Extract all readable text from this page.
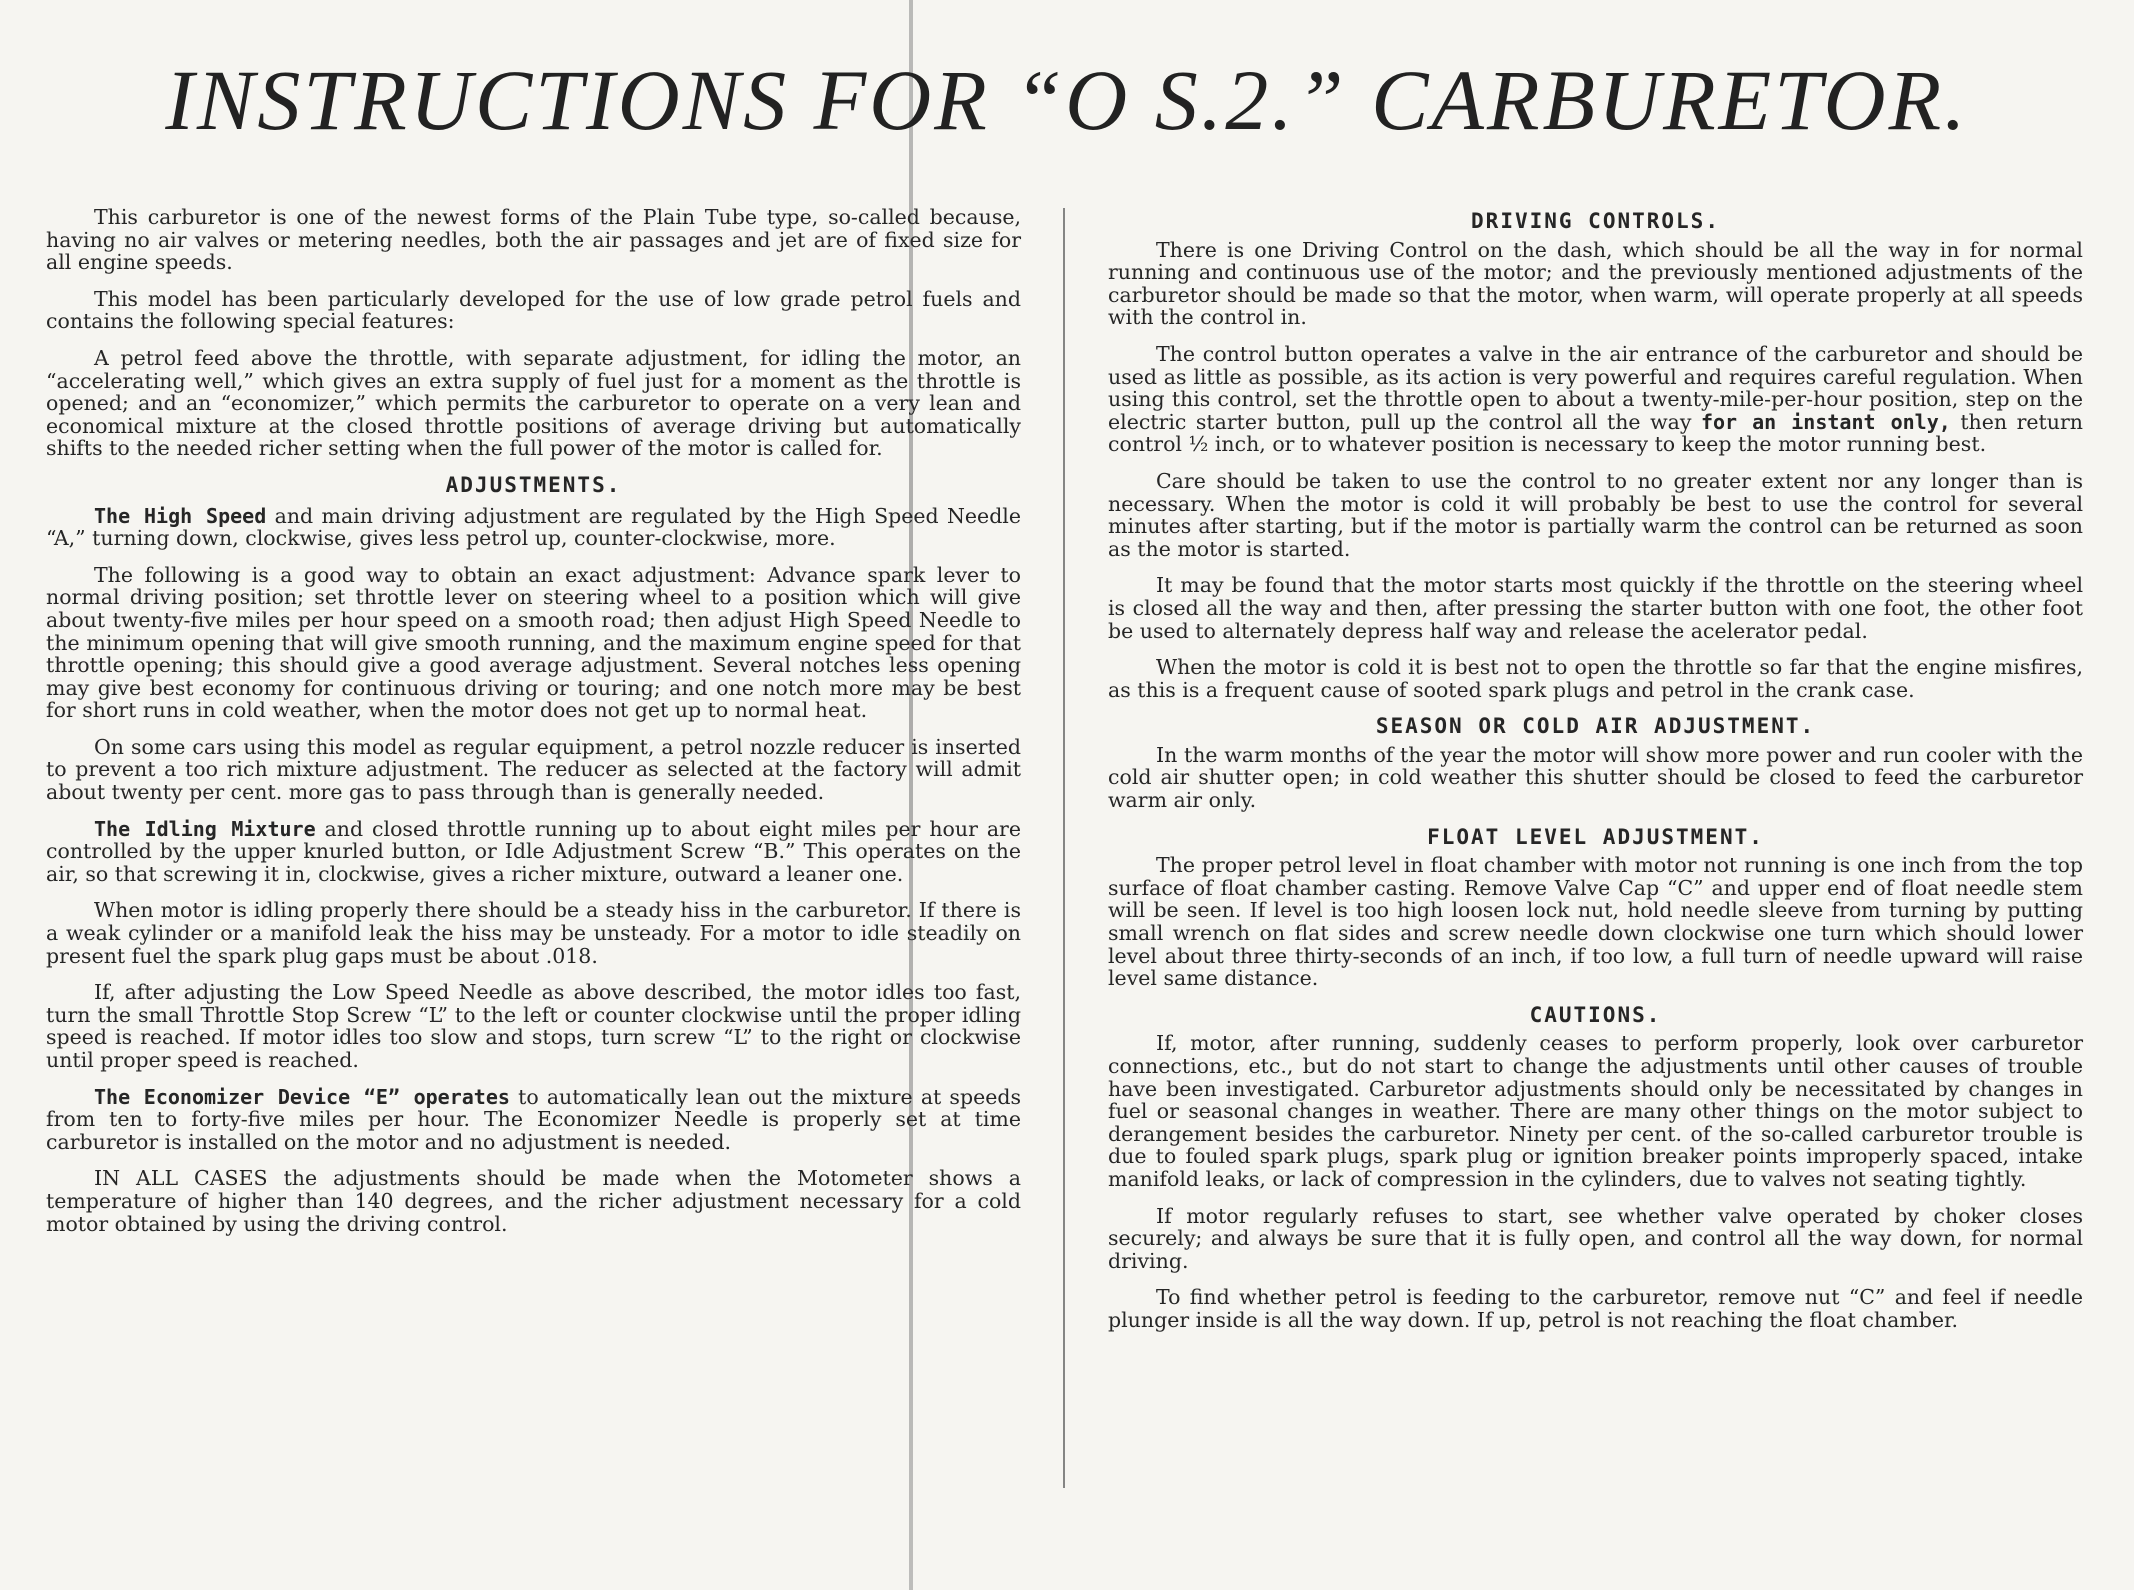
INSTRUCTIONS FOR “O S.2.” CARBURETOR.

This carburetor is one of the newest forms of the Plain Tube type, so-called because, having no air valves or metering needles, both the air passages and jet are of fixed size for all engine speeds.

This model has been particularly developed for the use of low grade petrol fuels and contains the following special features:

A petrol feed above the throttle, with separate adjustment, for idling the motor, an “accelerating well,” which gives an extra supply of fuel just for a moment as the throttle is opened; and an “economizer,” which permits the carburetor to operate on a very lean and economical mixture at the closed throttle positions of average driving but automatically shifts to the needed richer setting when the full power of the motor is called for.

ADJUSTMENTS.

The High Speed and main driving adjustment are regulated by the High Speed Needle “A,” turning down, clockwise, gives less petrol up, counter-clockwise, more.

The following is a good way to obtain an exact adjustment: Advance spark lever to normal driving position; set throttle lever on steering wheel to a position which will give about twenty-five miles per hour speed on a smooth road; then adjust High Speed Needle to the minimum opening that will give smooth running, and the maximum engine speed for that throttle opening; this should give a good average adjustment. Several notches less opening may give best economy for continuous driving or touring; and one notch more may be best for short runs in cold weather, when the motor does not get up to normal heat.

On some cars using this model as regular equipment, a petrol nozzle reducer is inserted to prevent a too rich mixture adjustment. The reducer as selected at the factory will admit about twenty per cent. more gas to pass through than is generally needed.

The Idling Mixture and closed throttle running up to about eight miles per hour are controlled by the upper knurled button, or Idle Adjustment Screw “B.” This operates on the air, so that screwing it in, clockwise, gives a richer mixture, outward a leaner one.

When motor is idling properly there should be a steady hiss in the carburetor. If there is a weak cylinder or a manifold leak the hiss may be unsteady. For a motor to idle steadily on present fuel the spark plug gaps must be about .018.

If, after adjusting the Low Speed Needle as above described, the motor idles too fast, turn the small Throttle Stop Screw “L” to the left or counter clockwise until the proper idling speed is reached. If motor idles too slow and stops, turn screw “L” to the right or clockwise until proper speed is reached.

The Economizer Device “E” operates to automatically lean out the mixture at speeds from ten to forty-five miles per hour. The Economizer Needle is properly set at time carburetor is installed on the motor and no adjustment is needed.

IN ALL CASES the adjustments should be made when the Motometer shows a temperature of higher than 140 degrees, and the richer adjustment necessary for a cold motor obtained by using the driving control.

DRIVING CONTROLS.

There is one Driving Control on the dash, which should be all the way in for normal running and continuous use of the motor; and the previously mentioned adjustments of the carburetor should be made so that the motor, when warm, will operate properly at all speeds with the control in.

The control button operates a valve in the air entrance of the carburetor and should be used as little as possible, as its action is very powerful and requires careful regulation. When using this control, set the throttle open to about a twenty-mile-per-hour position, step on the electric starter button, pull up the control all the way for an instant only, then return control ½ inch, or to whatever position is necessary to keep the motor running best.

Care should be taken to use the control to no greater extent nor any longer than is necessary. When the motor is cold it will probably be best to use the control for several minutes after starting, but if the motor is partially warm the control can be returned as soon as the motor is started.

It may be found that the motor starts most quickly if the throttle on the steering wheel is closed all the way and then, after pressing the starter button with one foot, the other foot be used to alternately depress half way and release the acelerator pedal.

When the motor is cold it is best not to open the throttle so far that the engine misfires, as this is a frequent cause of sooted spark plugs and petrol in the crank case.

SEASON OR COLD AIR ADJUSTMENT.

In the warm months of the year the motor will show more power and run cooler with the cold air shutter open; in cold weather this shutter should be closed to feed the carburetor warm air only.

FLOAT LEVEL ADJUSTMENT.

The proper petrol level in float chamber with motor not running is one inch from the top surface of float chamber casting. Remove Valve Cap “C” and upper end of float needle stem will be seen. If level is too high loosen lock nut, hold needle sleeve from turning by putting small wrench on flat sides and screw needle down clockwise one turn which should lower level about three thirty-seconds of an inch, if too low, a full turn of needle upward will raise level same distance.

CAUTIONS.

If, motor, after running, suddenly ceases to perform properly, look over carburetor connections, etc., but do not start to change the adjustments until other causes of trouble have been investigated. Carburetor adjustments should only be necessitated by changes in fuel or seasonal changes in weather. There are many other things on the motor subject to derangement besides the carburetor. Ninety per cent. of the so-called carburetor trouble is due to fouled spark plugs, spark plug or ignition breaker points improperly spaced, intake manifold leaks, or lack of compression in the cylinders, due to valves not seating tightly.

If motor regularly refuses to start, see whether valve operated by choker closes securely; and always be sure that it is fully open, and control all the way down, for normal driving.

To find whether petrol is feeding to the carburetor, remove nut “C” and feel if needle plunger inside is all the way down. If up, petrol is not reaching the float chamber.
